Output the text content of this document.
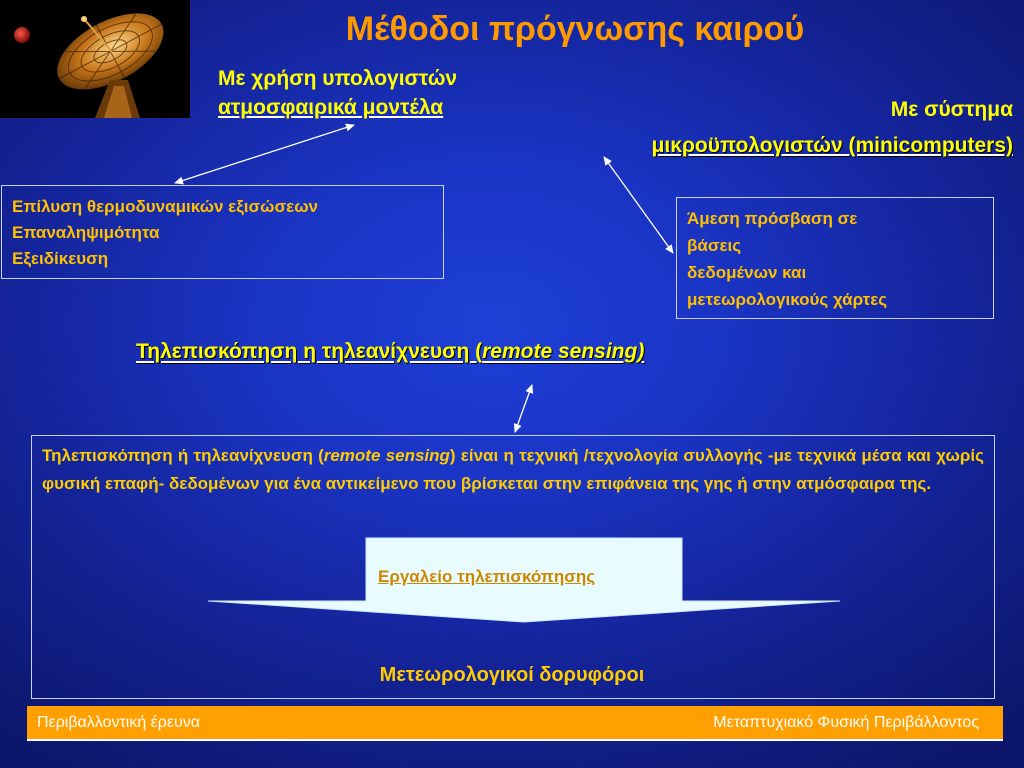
Μέθοδοι πρόγνωσης καιρού
Με χρήση υπολογιστών
ατμοσφαιρικά μοντέλα	Με σύστημα
μικροϋπολογιστών (minicomputers)
Επίλυση θερμοδυναμικών εξισώσεων
Επαναληψιμότητα
Εξειδίκευση
Άμεση πρόσβαση σε
βάσεις
δεδομένων και
μετεωρολογικούς χάρτες
Τηλεπισκόπηση η τηλεανίχνευση (remote sensing)
Τηλεπισκόπηση ή τηλεανίχνευση (remote sensing) είναι η τεχνική /τεχνολογία συλλογής -με τεχνικά μέσα και χωρίς φυσική επαφή- δεδομένων για ένα αντικείμενο που βρίσκεται στην επιφάνεια της γης ή στην ατμόσφαιρα της.
Εργαλείο τηλεπισκόπησης
Μετεωρολογικοί δορυφόροι
Περιβαλλοντική έρευνα	Μεταπτυχιακό Φυσική Περιβάλλοντος
